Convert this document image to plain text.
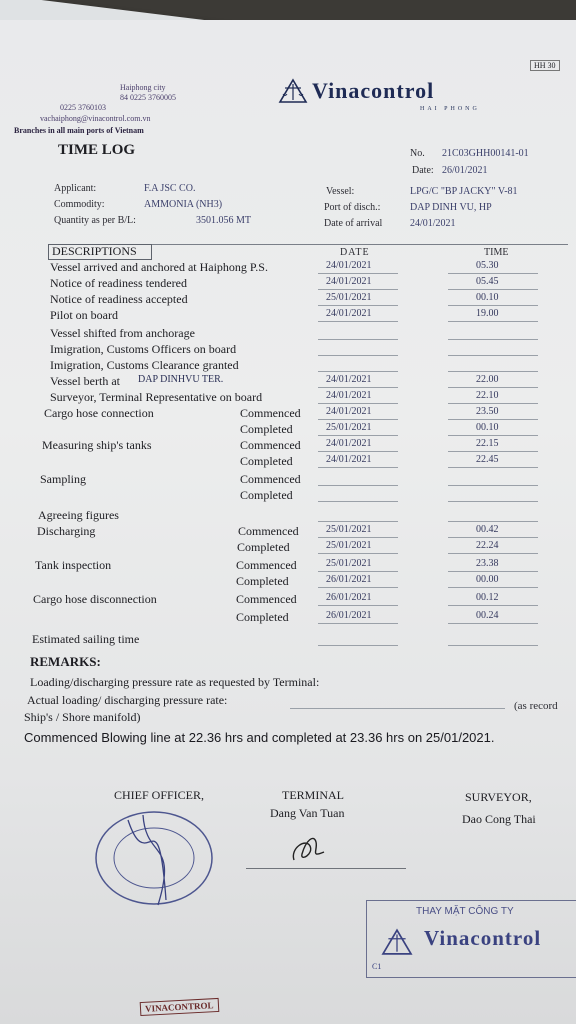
HH 30
Haiphong city
84 0225 3760005
0225 3760103
vachaiphong@vinacontrol.com.vn
Branches in all main ports of Vietnam
Vinacontrol
HAI PHONG
TIME LOG	No. 21C03GHH00141-01
Date: 26/01/2021
Applicant:	F.A JSC CO.
Commodity:	AMMONIA (NH3)
Quantity as per B/L:	3501.056 MT
Vessel:	LPG/C "BP JACKY" V-81
Port of disch.:	DAP DINH VU, HP
Date of arrival	24/01/2021
DESCRIPTIONS	DATE	TIME
Vessel arrived and anchored at Haiphong P.S.	24/01/2021	05.30
Notice of readiness tendered	24/01/2021	05.45
Notice of readiness accepted	25/01/2021	00.10
Pilot on board	24/01/2021	19.00
Vessel shifted from anchorage
Imigration, Customs Officers on board
Imigration, Customs Clearance granted
Vessel berth at DAP DINHVU TER.	24/01/2021	22.00
Surveyor, Terminal Representative on board	24/01/2021	22.10
Cargo hose connection	Commenced	24/01/2021	23.50
Completed	25/01/2021	00.10
Measuring ship's tanks	Commenced	24/01/2021	22.15
Completed	24/01/2021	22.45
Sampling	Commenced
Completed
Agreeing figures
Discharging	Commenced	25/01/2021	00.42
Completed	25/01/2021	22.24
Tank inspection	Commenced	25/01/2021	23.38
Completed	26/01/2021	00.00
Cargo hose disconnection	Commenced	26/01/2021	00.12
Completed	26/01/2021	00.24
Estimated sailing time
REMARKS:
Loading/discharging pressure rate as requested by Terminal:
Actual loading/ discharging pressure rate:	(as record
Ship's / Shore manifold)
Commenced Blowing line at 22.36 hrs and completed at 23.36 hrs on 25/01/2021.
CHIEF OFFICER,	TERMINAL
Dang Van Tuan
SURVEYOR,
Dao Cong Thai
THAY MẶT CÔNG TY
Vinacontrol
C1
VINACONTROL
